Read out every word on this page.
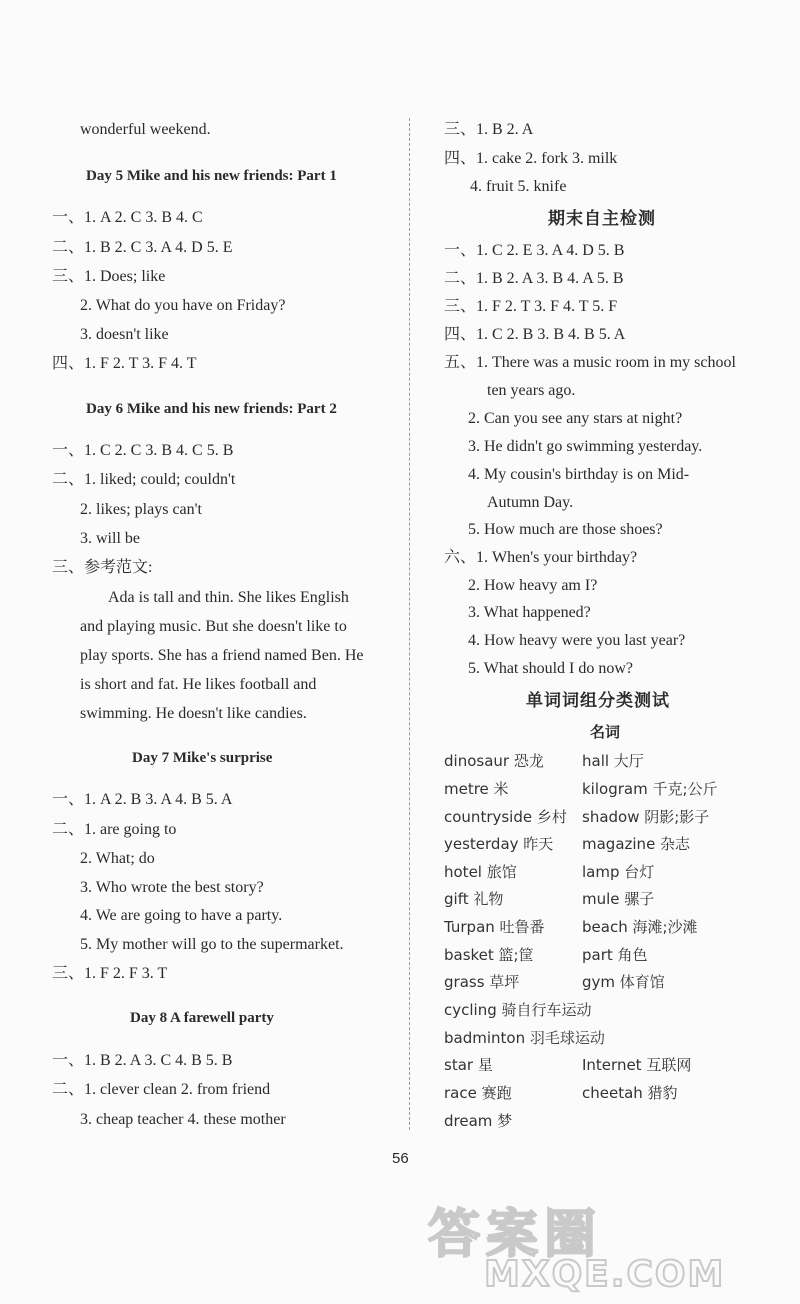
wonderful weekend.
Day 5 Mike and his new friends: Part 1
一、1. A 2. C 3. B 4. C
二、1. B 2. C 3. A 4. D 5. E
三、1. Does; like
2. What do you have on Friday?
3. doesn't like
四、1. F 2. T 3. F 4. T
Day 6 Mike and his new friends: Part 2
一、1. C 2. C 3. B 4. C 5. B
二、1. liked; could; couldn't
2. likes; plays can't
3. will be
三、参考范文:
Ada is tall and thin. She likes English
and playing music. But she doesn't like to
play sports. She has a friend named Ben. He
is short and fat. He likes football and
swimming. He doesn't like candies.
Day 7 Mike's surprise
一、1. A 2. B 3. A 4. B 5. A
二、1. are going to
2. What; do
3. Who wrote the best story?
4. We are going to have a party.
5. My mother will go to the supermarket.
三、1. F 2. F 3. T
Day 8 A farewell party
一、1. B 2. A 3. C 4. B 5. B
二、1. clever clean 2. from friend
3. cheap teacher 4. these mother
三、1. B 2. A
四、1. cake 2. fork 3. milk
4. fruit 5. knife
期末自主检测
一、1. C 2. E 3. A 4. D 5. B
二、1. B 2. A 3. B 4. A 5. B
三、1. F 2. T 3. F 4. T 5. F
四、1. C 2. B 3. B 4. B 5. A
五、1. There was a music room in my school
ten years ago.
2. Can you see any stars at night?
3. He didn't go swimming yesterday.
4. My cousin's birthday is on Mid-
Autumn Day.
5. How much are those shoes?
六、1. When's your birthday?
2. How heavy am I?
3. What happened?
4. How heavy were you last year?
5. What should I do now?
单词词组分类测试
名词
dinosaur 恐龙
metre 米
countryside 乡村
yesterday 昨天
hotel 旅馆
gift 礼物
Turpan 吐鲁番
basket 篮;筐
grass 草坪
cycling 骑自行车运动
badminton 羽毛球运动
star 星
race 赛跑
dream 梦
hall 大厅
kilogram 千克;公斤
shadow 阴影;影子
magazine 杂志
lamp 台灯
mule 骡子
beach 海滩;沙滩
part 角色
gym 体育馆
Internet 互联网
cheetah 猎豹
56
答案圈
MXQE.COM
